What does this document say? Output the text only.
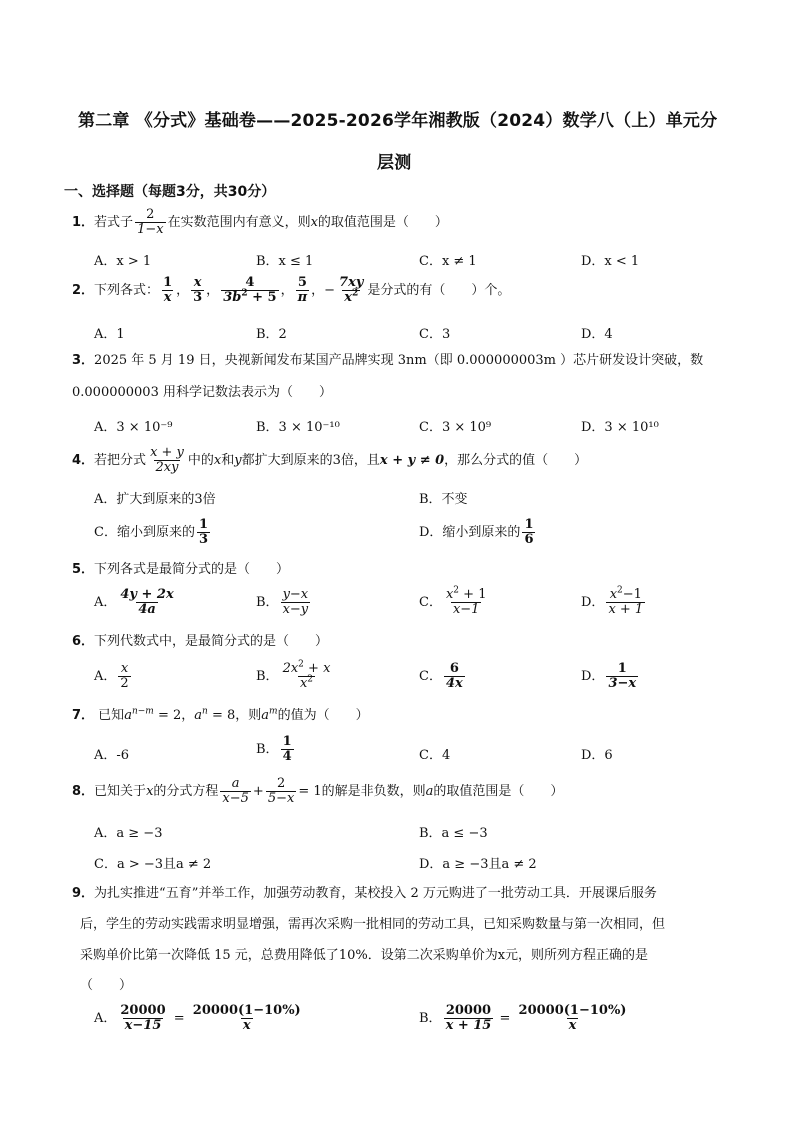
第二章 《分式》基础卷——2025-2026学年湘教版（2024）数学八（上）单元分
层测
一、选择题（每题3分，共30分）
1．若式子 $\frac{2}{1-x}$ 在实数范围内有意义，则x的取值范围是（　　）
A．x > 1	B．x ≤ 1	C．x ≠ 1	D．x < 1
2．下列各式： $\frac{1}{x}$ ， $\frac{x}{3}$ ， $\frac{4}{3b^2 + 5}$ ， $\frac{5}{\pi}$ ，− $\frac{7xy}{x^2}$ 是分式的有（　　）个。
A．1	B．2	C．3	D．4
3．2025 年 5 月 19 日，央视新闻发布某国产品牌实现 3nm（即 0.000000003m ）芯片研发设计突破，数
0.000000003 用科学记数法表示为（　　）
A．3 × 10⁻⁹	B．3 × 10⁻¹⁰	C．3 × 10⁹	D．3 × 10¹⁰
4．若把分式 $\frac{x + y}{2xy}$ 中的x和y都扩大到原来的3倍，且x + y ≠ 0，那么分式的值（　　）
A．扩大到原来的3倍	B．不变
C．缩小到原来的 $\frac{1}{3}$	D．缩小到原来的 $\frac{1}{6}$
5．下列各式是最简分式的是（　　）
A． $\frac{4y + 2x}{4a}$	B． $\frac{y-x}{x-y}$	C． $\frac{x^2 + 1}{x-1}$	D． $\frac{x^2-1}{x + 1}$
6．下列代数式中，是最简分式的是（　　）
A． $\frac{x}{2}$	B． $\frac{2x^2 + x}{x^2}$	C． $\frac{6}{4x}$	D． $\frac{1}{3-x}$
7． 已知$a^{n-m} = 2$，$a^n = 8$，则$a^m$的值为（　　）
A．-6	B． $\frac{1}{4}$	C．4	D．6
8．已知关于x的分式方程 $\frac{a}{x-5} + \frac{2}{5-x} = 1$的解是非负数，则a的取值范围是（　　）
A．a ≥ −3	B．a ≤ −3
C．a > −3且a ≠ 2	D．a ≥ −3且a ≠ 2
9．为扎实推进“五育”并举工作，加强劳动教育，某校投入 2 万元购进了一批劳动工具．开展课后服务
后，学生的劳动实践需求明显增强，需再次采购一批相同的劳动工具，已知采购数量与第一次相同，但
采购单价比第一次降低 15 元，总费用降低了10%．设第二次采购单价为x元，则所列方程正确的是
（　　）
A． $\frac{20000}{x-15} = \frac{20000(1-10\%)}{x}$	B． $\frac{20000}{x + 15} = \frac{20000(1-10\%)}{x}$
